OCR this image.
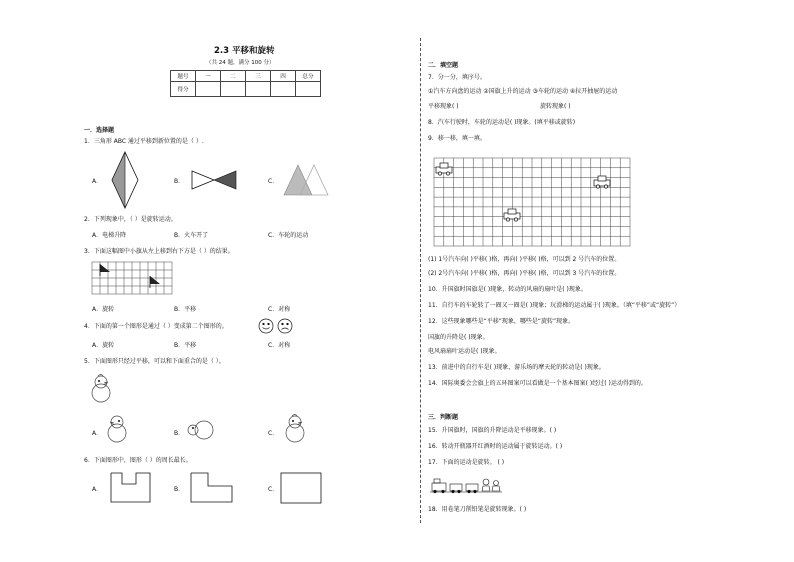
2.3 平移和旋转
（共 24 题，满分 100 分）
题号	一	二	三	四	总分
得分					
一．选择题
1．三角形 ABC 通过平移到新位置的是（ ）.
A．	B．	C．
2．下列现象中，（ ）是旋转运动。
A．电梯升降	B．火车开了	C．车轮的运动
3．下面这幅图中小旗从左上移到右下方是（ ）的结果。
A．旋转	B．平移	C．对称
4．下面的第一个图形是通过（ ）变成第二个图形的。
A．旋转	B．平移	C．对称
5．下面图形只经过平移，可以和下面重合的是（ ）。
A．	B．	C．
6．下面图形中，图形（ ）的周长最长。
A．	B．	C．
二．填空题
7．分一分，填序号。
①汽车方向盘的运动 ②国旗上升的运动 ③车轮的运动 ④拉开抽屉的运动
平移现象( )	旋转现象( )
8．汽车行驶时，车轮的运动是( )现象。(填平移或旋转)
9．移一移，填一填。
(1) 1号汽车向( )平移( )格，再向( )平移( )格，可以到 2 号汽车的位置。
(2) 2号汽车向( )平移( )格，再向( )平移( )格，可以到 3 号汽车的位置。
10．升国旗时国旗是( )现象，转动的风扇的扇叶是( )现象。
11．自行车的车轮转了一圈又一圈是( )现象；玩滑梯的运动属于( )现象。（填“平移”或“旋转”）
12．这些现象哪些是“平移”现象，哪些是“旋转”现象。
国旗的升降是( )现象。
电风扇扇叶运动是( )现象。
13．前进中的自行车是( )现象，游乐场的摩天轮的转动是( )现象。
14．国际奥委会会旗上的五环图案可以看做是一个基本图案( )经过( )运动得到的。
三．判断题
15．升国旗时，国旗的升降运动是平移现象。( )
16．转动开瓶器开红酒时的运动属于旋转运动。( )
17．下面的运动是旋转。 ( )
18．用卷笔刀削铅笔是旋转现象。( )
